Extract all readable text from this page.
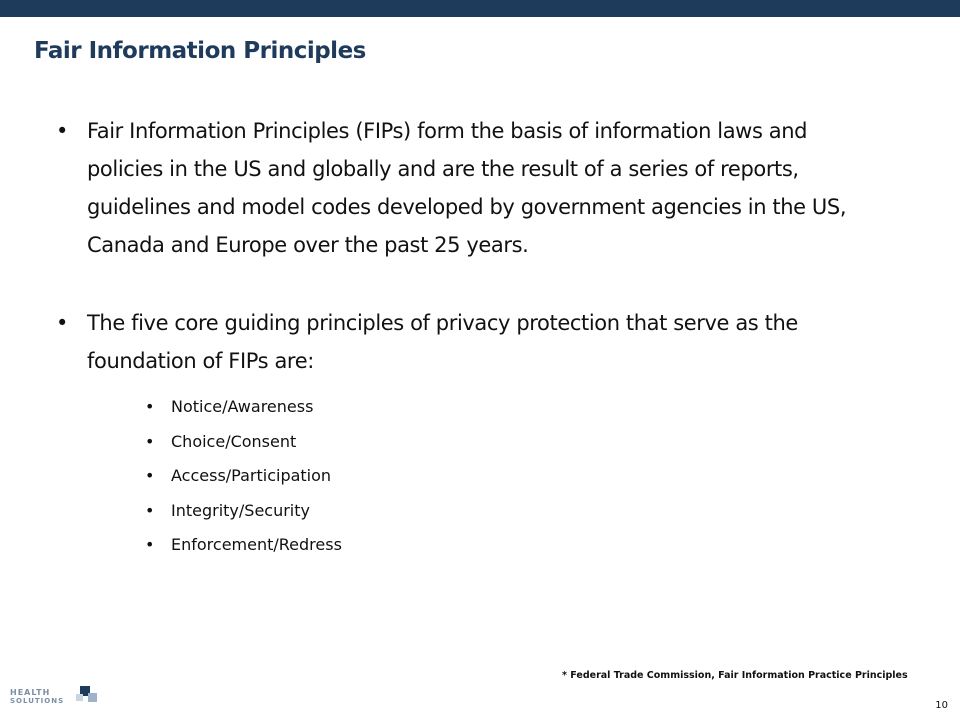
Fair Information Principles
• Fair Information Principles (FIPs) form the basis of information laws and policies in the US and globally and are the result of a series of reports, guidelines and model codes developed by government agencies in the US, Canada and Europe over the past 25 years.
• The five core guiding principles of privacy protection that serve as the foundation of FIPs are:
• Notice/Awareness
• Choice/Consent
• Access/Participation
• Integrity/Security
• Enforcement/Redress
HEALTH
SOLUTIONS
* Federal Trade Commission, Fair Information Practice Principles
10
